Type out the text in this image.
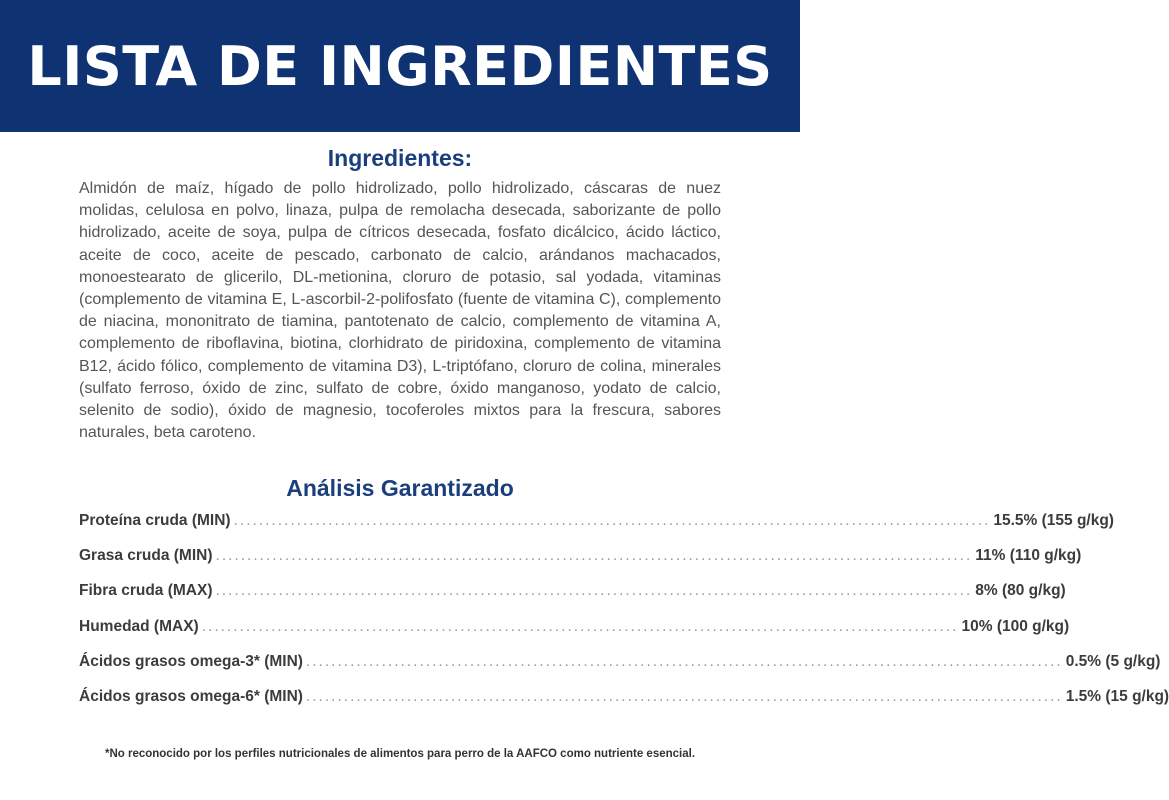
LISTA DE INGREDIENTES
Ingredientes:

Almidón de maíz, hígado de pollo hidrolizado, pollo hidrolizado, cáscaras de nuez molidas, celulosa en polvo, linaza, pulpa de remolacha desecada, saborizante de pollo hidrolizado, aceite de soya, pulpa de cítricos desecada, fosfato dicálcico, ácido láctico, aceite de coco, aceite de pescado, carbonato de calcio, arándanos machacados, monoestearato de glicerilo, DL-metionina, cloruro de potasio, sal yodada, vitaminas (complemento de vitamina E, L-ascorbil-2-polifosfato (fuente de vitamina C), complemento de niacina, mononitrato de tiamina, pantotenato de calcio, complemento de vitamina A, complemento de riboflavina, biotina, clorhidrato de piridoxina, complemento de vitamina B12, ácido fólico, complemento de vitamina D3), L-triptófano, cloruro de colina, minerales (sulfato ferroso, óxido de zinc, sulfato de cobre, óxido manganoso, yodato de calcio, selenito de sodio), óxido de magnesio, tocoferoles mixtos para la frescura, sabores naturales, beta caroteno.

Análisis Garantizado
Proteína cruda (MIN) ........................................................................................................................ 15.5% (155 g/kg)
Grasa cruda (MIN) ........................................................................................................................ 11% (110 g/kg)
Fibra cruda (MAX) ........................................................................................................................ 8% (80 g/kg)
Humedad (MAX) ........................................................................................................................ 10% (100 g/kg)
Ácidos grasos omega-3* (MIN) ........................................................................................................................ 0.5% (5 g/kg)
Ácidos grasos omega-6* (MIN) ........................................................................................................................ 1.5% (15 g/kg)

*No reconocido por los perfiles nutricionales de alimentos para perro de la AAFCO como nutriente esencial.
